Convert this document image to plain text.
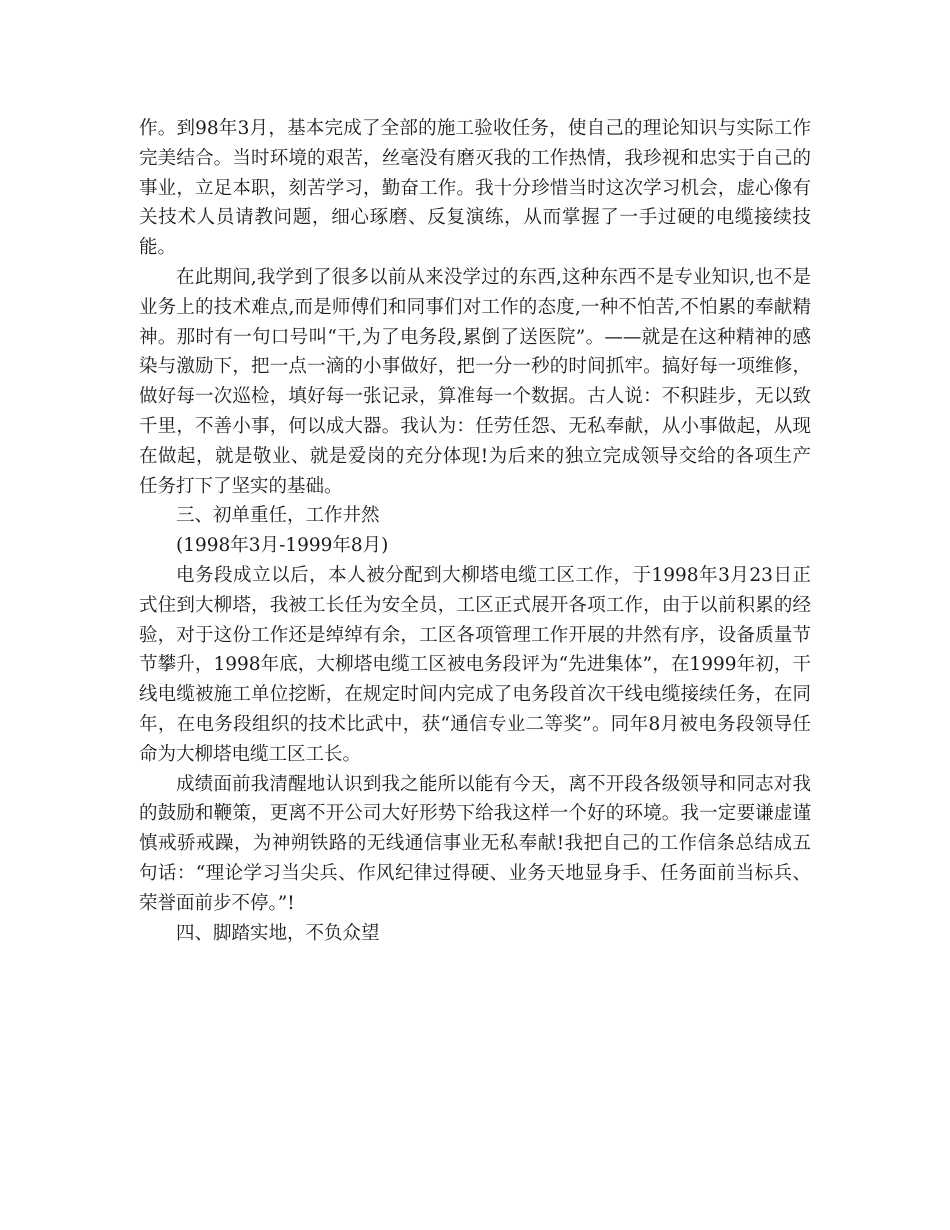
作。到98年3月，基本完成了全部的施工验收任务，使自己的理论知识与实际工作完美结合。当时环境的艰苦，丝毫没有磨灭我的工作热情，我珍视和忠实于自己的事业，立足本职，刻苦学习，勤奋工作。我十分珍惜当时这次学习机会，虚心像有关技术人员请教问题，细心琢磨、反复演练，从而掌握了一手过硬的电缆接续技能。

在此期间,我学到了很多以前从来没学过的东西,这种东西不是专业知识,也不是业务上的技术难点,而是师傅们和同事们对工作的态度,一种不怕苦,不怕累的奉献精神。那时有一句口号叫“干,为了电务段,累倒了送医院”。——就是在这种精神的感染与激励下，把一点一滴的小事做好，把一分一秒的时间抓牢。搞好每一项维修，做好每一次巡检，填好每一张记录，算准每一个数据。古人说：不积跬步，无以致千里，不善小事，何以成大器。我认为：任劳任怨、无私奉献，从小事做起，从现在做起，就是敬业、就是爱岗的充分体现!为后来的独立完成领导交给的各项生产任务打下了坚实的基础。

三、初单重任，工作井然

(1998年3月-1999年8月)

电务段成立以后，本人被分配到大柳塔电缆工区工作，于1998年3月23日正式住到大柳塔，我被工长任为安全员，工区正式展开各项工作，由于以前积累的经验，对于这份工作还是绰绰有余，工区各项管理工作开展的井然有序，设备质量节节攀升，1998年底，大柳塔电缆工区被电务段评为“先进集体”，在1999年初，干线电缆被施工单位挖断，在规定时间内完成了电务段首次干线电缆接续任务，在同年，在电务段组织的技术比武中，获“通信专业二等奖”。同年8月被电务段领导任命为大柳塔电缆工区工长。

成绩面前我清醒地认识到我之能所以能有今天，离不开段各级领导和同志对我的鼓励和鞭策，更离不开公司大好形势下给我这样一个好的环境。我一定要谦虚谨慎戒骄戒躁，为神朔铁路的无线通信事业无私奉献!我把自己的工作信条总结成五句话：“理论学习当尖兵、作风纪律过得硬、业务天地显身手、任务面前当标兵、荣誉面前步不停。”!

四、脚踏实地，不负众望
